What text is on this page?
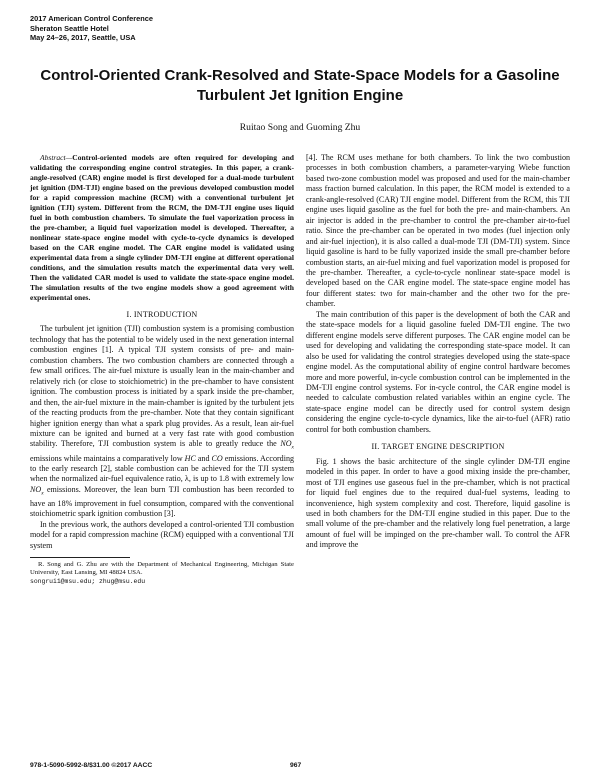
2017 American Control Conference
Sheraton Seattle Hotel
May 24–26, 2017, Seattle, USA
Control-Oriented Crank-Resolved and State-Space Models for a Gasoline Turbulent Jet Ignition Engine
Ruitao Song and Guoming Zhu

Abstract—Control-oriented models are often required for developing and validating the corresponding engine control strategies. In this paper, a crank-angle-resolved (CAR) engine model is first developed for a dual-mode turbulent jet ignition (DM-TJI) engine based on the previous developed combustion model for a rapid compression machine (RCM) with a conventional turbulent jet ignition (TJI) system. Different from the RCM, the DM-TJI engine uses liquid fuel in both combustion chambers. To simulate the fuel vaporization process in the pre-chamber, a liquid fuel vaporization model is developed. Thereafter, a nonlinear state-space engine model with cycle-to-cycle dynamics is developed based on the CAR engine model. The CAR engine model is validated using experimental data from a single cylinder DM-TJI engine at different operational conditions, and the simulation results match the experimental data very well. Then the validated CAR model is used to validate the state-space engine model. The simulation results of the two engine models show a good agreement with experimental ones.

I. INTRODUCTION

The turbulent jet ignition (TJI) combustion system is a promising combustion technology that has the potential to be widely used in the next generation internal combustion engines [1]. A typical TJI system consists of pre- and main-combustion chambers. The two combustion chambers are connected through a few small orifices. The air-fuel mixture is usually lean in the main-chamber and relatively rich (or close to stoichiometric) in the pre-chamber to have consistent ignition. The combustion process is initiated by a spark inside the pre-chamber, and then, the air-fuel mixture in the main-chamber is ignited by the turbulent jets of the reacting products from the pre-chamber. Note that they contain significant higher ignition energy than what a spark plug provides. As a result, lean air-fuel mixture can be ignited and burned at a very fast rate with good combustion stability. Therefore, TJI combustion system is able to greatly reduce the $NO_x$ emissions while maintains a comparatively low HC and CO emissions. According to the early research [2], stable combustion can be achieved for the TJI system when the normalized air-fuel equivalence ratio, λ, is up to 1.8 with extremely low $NO_x$ emissions. Moreover, the lean burn TJI combustion has been recorded to have an 18% improvement in fuel consumption, compared with the conventional stoichiometric spark ignition combustion [3].

In the previous work, the authors developed a control-oriented TJI combustion model for a rapid compression machine (RCM) equipped with a conventional TJI system

R. Song and G. Zhu are with the Department of Mechanical Engineering, Michigan State University, East Lansing, MI 48824 USA.
songrui1@msu.edu; zhug@msu.edu

[4]. The RCM uses methane for both chambers. To link the two combustion processes in both combustion chambers, a parameter-varying Wiebe function based two-zone combustion model was proposed and used for the main-chamber mass fraction burned calculation. In this paper, the RCM model is extended to a crank-angle-resolved (CAR) TJI engine model. Different from the RCM, this TJI engine uses liquid gasoline as the fuel for both the pre- and main-chambers. An air injector is added in the pre-chamber to control the pre-chamber air-to-fuel ratio. Since the pre-chamber can be operated in two modes (fuel injection only and air-fuel injection), it is also called a dual-mode TJI (DM-TJI) system. Since liquid gasoline is hard to be fully vaporized inside the small pre-chamber before combustion starts, an air-fuel mixing and fuel vaporization model is proposed for the pre-chamber. Thereafter, a cycle-to-cycle nonlinear state-space model is developed based on the CAR engine model. The state-space engine model has four different states: two for main-chamber and the other two for the pre-chamber.

The main contribution of this paper is the development of both the CAR and the state-space models for a liquid gasoline fueled DM-TJI engine. The two different engine models serve different purposes. The CAR engine model can be used for developing and validating the corresponding state-space model. It can also be used for validating the control strategies developed using the state-space engine model. As the computational ability of engine control hardware becomes more and more powerful, in-cycle combustion control can be implemented in the DM-TJI engine control systems. For in-cycle control, the CAR engine model is needed to calculate combustion related variables within an engine cycle. The state-space engine model can be directly used for control system design considering the engine cycle-to-cycle dynamics, like the air-to-fuel (AFR) ratio control for both combustion chambers.

II. TARGET ENGINE DESCRIPTION

Fig. 1 shows the basic architecture of the single cylinder DM-TJI engine modeled in this paper. In order to have a good mixing inside the pre-chamber, most of TJI engines use gaseous fuel in the pre-chamber, which is not practical for liquid fuel engines due to the required dual-fuel systems, leading to inconvenience, high system complexity and cost. Therefore, liquid gasoline is used in both chambers for the DM-TJI engine studied in this paper. Due to the small volume of the pre-chamber and the relatively long fuel penetration, a large amount of fuel will be impinged on the pre-chamber wall. To control the AFR and improve the

978-1-5090-5992-8/$31.00 ©2017 AACC	967
